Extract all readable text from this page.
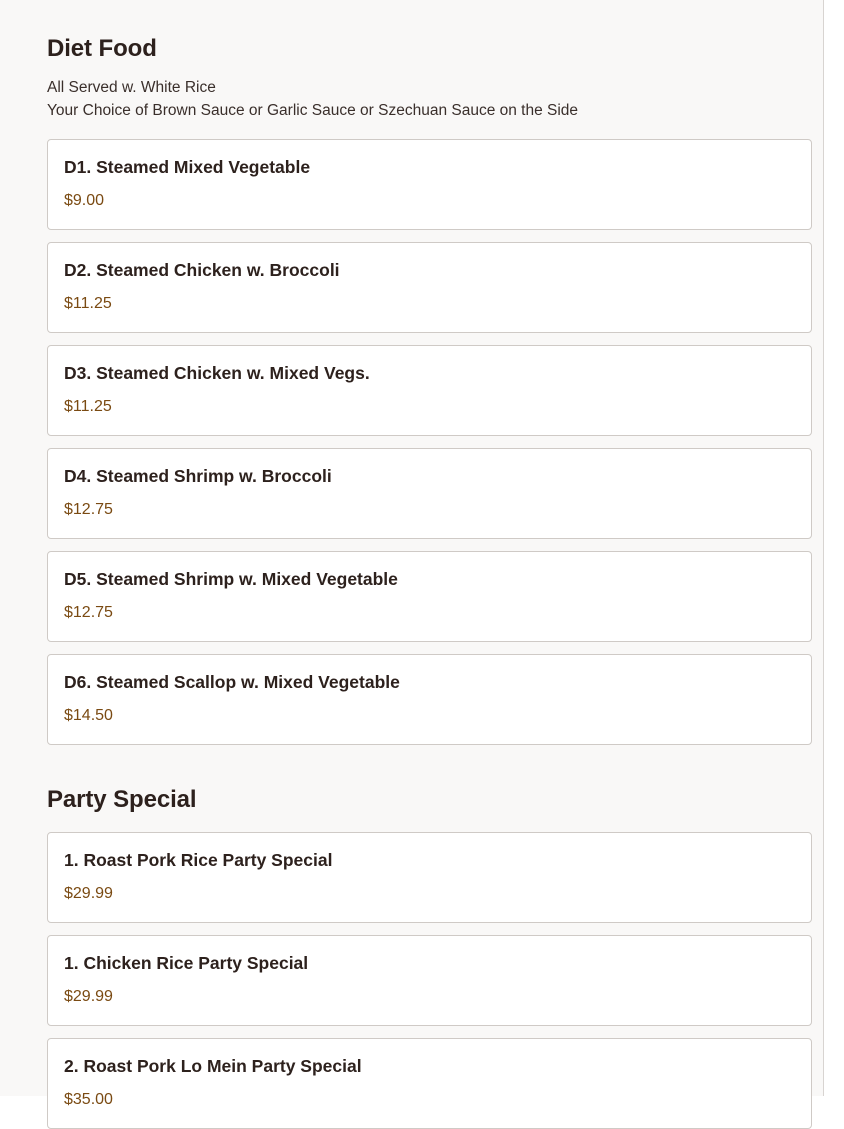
Diet Food
All Served w. White Rice
Your Choice of Brown Sauce or Garlic Sauce or Szechuan Sauce on the Side
D1. Steamed Mixed Vegetable
$9.00
D2. Steamed Chicken w. Broccoli
$11.25
D3. Steamed Chicken w. Mixed Vegs.
$11.25
D4. Steamed Shrimp w. Broccoli
$12.75
D5. Steamed Shrimp w. Mixed Vegetable
$12.75
D6. Steamed Scallop w. Mixed Vegetable
$14.50
Party Special
1. Roast Pork Rice Party Special
$29.99
1. Chicken Rice Party Special
$29.99
2. Roast Pork Lo Mein Party Special
$35.00
